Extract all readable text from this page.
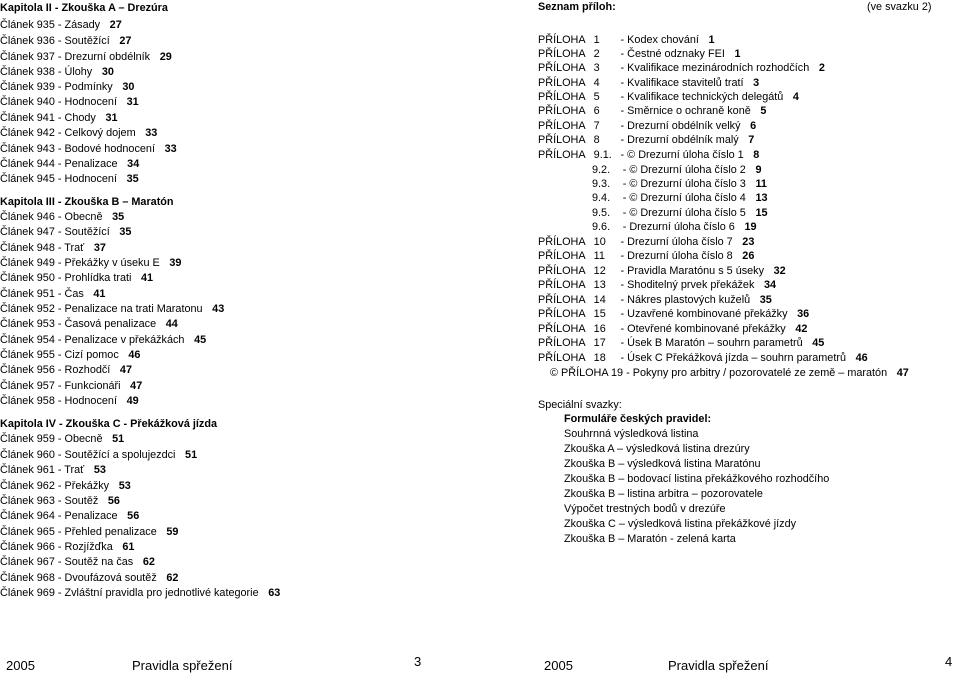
Kapitola II - Zkouška A – Drezúra
Článek 935 - Zásady 27
Článek 936 - Soutěžící 27
Článek 937 - Drezurní obdélník 29
Článek 938 - Úlohy 30
Článek 939 - Podmínky 30
Článek 940 - Hodnocení 31
Článek 941 - Chody 31
Článek 942 - Celkový dojem 33
Článek 943 - Bodové hodnocení 33
Článek 944 - Penalizace 34
Článek 945 - Hodnocení 35
Kapitola III - Zkouška B – Maratón
Článek 946 - Obecně 35
Článek 947 - Soutěžící 35
Článek 948 - Trať 37
Článek 949 - Překážky v úseku E 39
Článek 950 - Prohlídka trati 41
Článek 951 - Čas 41
Článek 952 - Penalizace na trati Maratonu 43
Článek 953 - Časová penalizace 44
Článek 954 - Penalizace v překážkách 45
Článek 955 - Cizí pomoc 46
Článek 956 - Rozhodčí 47
Článek 957 - Funkcionáři 47
Článek 958 - Hodnocení 49
Kapitola IV - Zkouška C - Překážková jízda
Článek 959 - Obecně 51
Článek 960 - Soutěžící a spolujezdci 51
Článek 961 - Trať 53
Článek 962 - Překážky 53
Článek 963 - Soutěž 56
Článek 964 - Penalizace 56
Článek 965 - Přehled penalizace 59
Článek 966 - Rozjížďka 61
Článek 967 - Soutěž na čas 62
Článek 968 - Dvoufázová soutěž 62
Článek 969 - Zvláštní pravidla pro jednotlivé kategorie 63
Seznam příloh:	(ve svazku 2)
PŘÍLOHA 1 - Kodex chování 1
PŘÍLOHA 2 - Čestné odznaky FEI 1
PŘÍLOHA 3 - Kvalifikace mezinárodních rozhodčích 2
PŘÍLOHA 4 - Kvalifikace stavitelů tratí 3
PŘÍLOHA 5 - Kvalifikace technických delegátů 4
PŘÍLOHA 6 - Směrnice o ochraně koně 5
PŘÍLOHA 7 - Drezurní obdélník velký 6
PŘÍLOHA 8 - Drezurní obdélník malý 7
PŘÍLOHA 9.1. - © Drezurní úloha číslo 1 8
9.2. - © Drezurní úloha číslo 2 9
9.3. - © Drezurní úloha číslo 3 11
9.4. - © Drezurní úloha číslo 4 13
9.5. - © Drezurní úloha číslo 5 15
9.6. - Drezurní úloha číslo 6 19
PŘÍLOHA 10 - Drezurní úloha číslo 7 23
PŘÍLOHA 11 - Drezurní úloha číslo 8 26
PŘÍLOHA 12 - Pravidla Maratónu s 5 úseky 32
PŘÍLOHA 13 - Shoditelný prvek překážek 34
PŘÍLOHA 14 - Nákres plastových kuželů 35
PŘÍLOHA 15 - Uzavřené kombinované překážky 36
PŘÍLOHA 16 - Otevřené kombinované překážky 42
PŘÍLOHA 17 - Úsek B Maratón – souhrn parametrů 45
PŘÍLOHA 18 - Úsek C Překážková jízda – souhrn parametrů 46
© PŘÍLOHA 19 - Pokyny pro arbitry / pozorovatelé ze země – maratón 47
Speciální svazky:
Formuláře českých pravidel:
Souhrnná výsledková listina
Zkouška A – výsledková listina drezúry
Zkouška B – výsledková listina Maratónu
Zkouška B – bodovací listina překážkového rozhodčího
Zkouška B – listina arbitra – pozorovatele
Výpočet trestných bodů v drezúře
Zkouška C – výsledková listina překážkové jízdy
Zkouška B – Maratón - zelená karta
2005	Pravidla spřežení	3	2005	Pravidla spřežení	4
